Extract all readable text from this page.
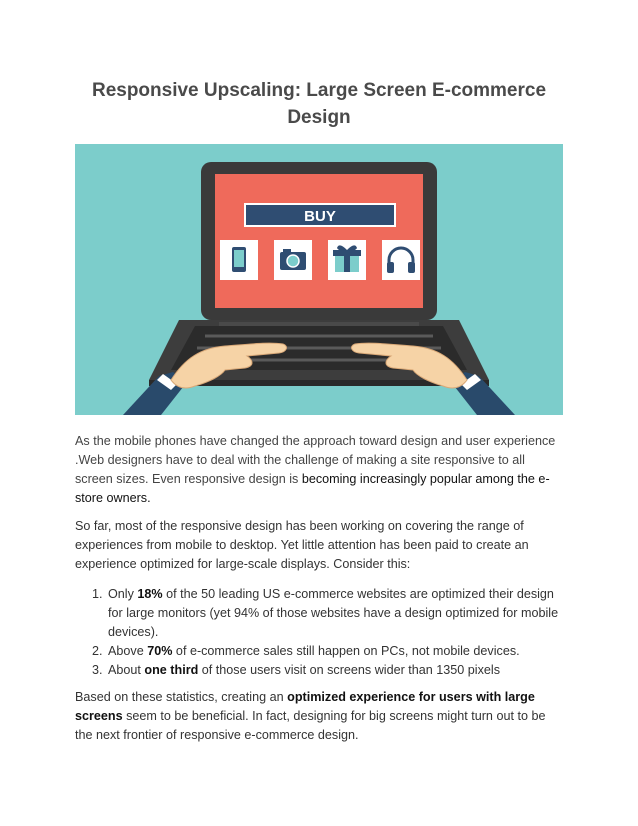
Responsive Upscaling: Large Screen E-commerce Design
BUY

As the mobile phones have changed the approach toward design and user experience .Web designers have to deal with the challenge of making a site responsive to all screen sizes. Even responsive design is becoming increasingly popular among the e-store owners.

So far, most of the responsive design has been working on covering the range of experiences from mobile to desktop. Yet little attention has been paid to create an experience optimized for large-scale displays. Consider this:

1. Only 18% of the 50 leading US e-commerce websites are optimized their design for large monitors (yet 94% of those websites have a design optimized for mobile devices).
2. Above 70% of e-commerce sales still happen on PCs, not mobile devices.
3. About one third of those users visit on screens wider than 1350 pixels

Based on these statistics, creating an optimized experience for users with large screens seem to be beneficial. In fact, designing for big screens might turn out to be the next frontier of responsive e-commerce design.
